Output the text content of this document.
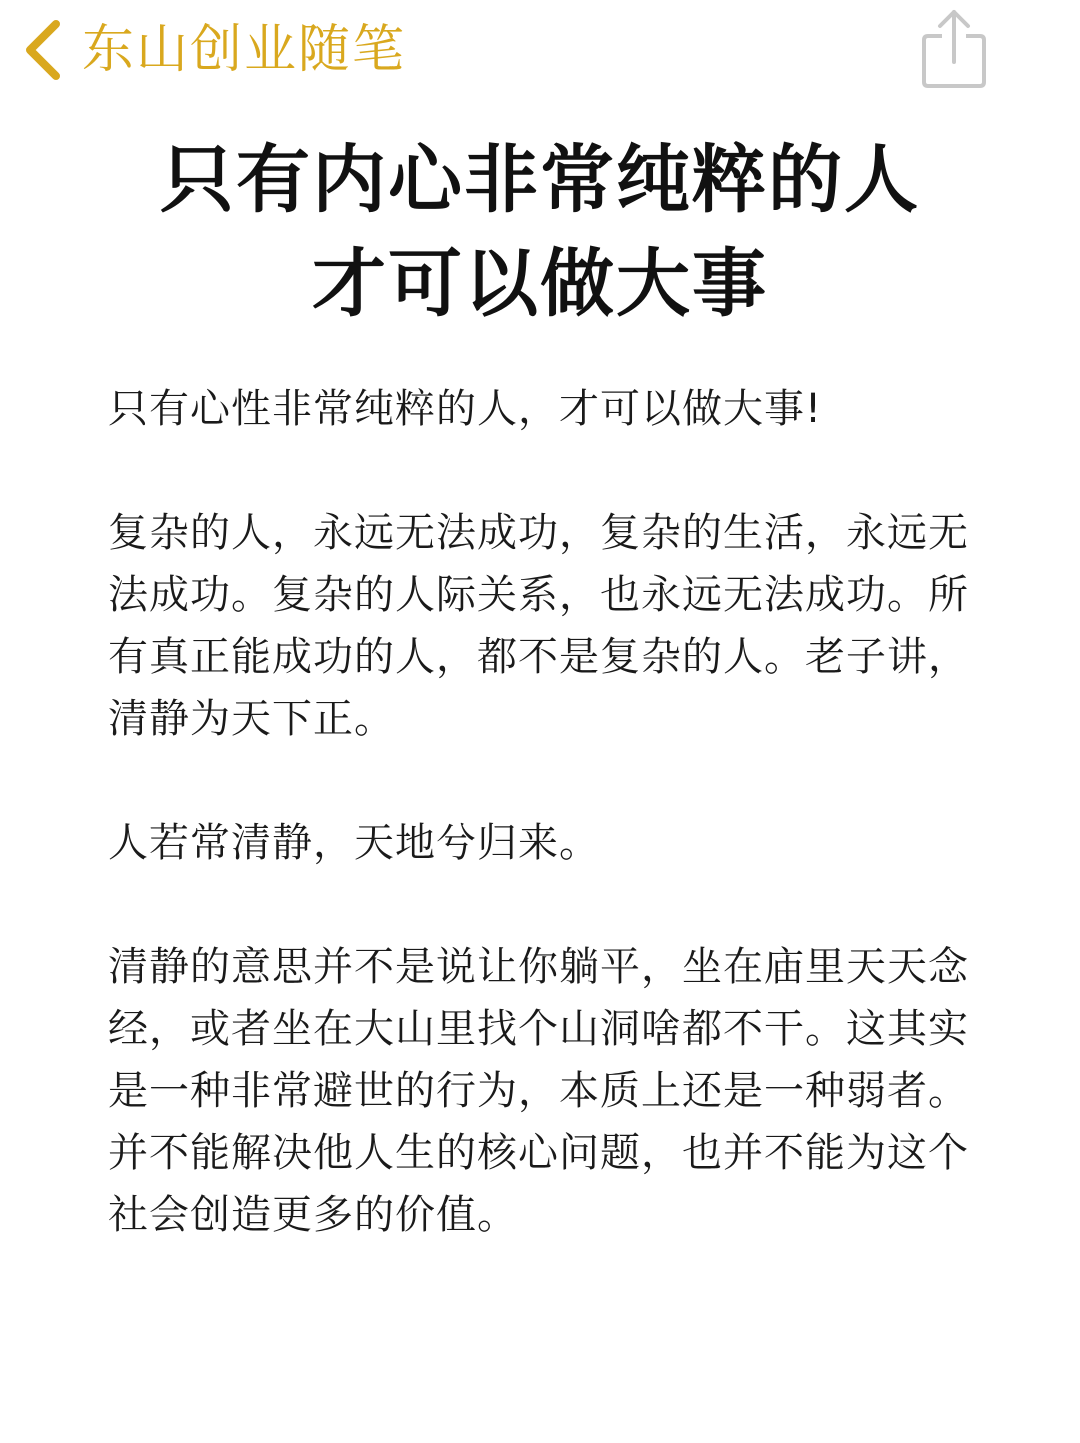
东山创业随笔
只有内心非常纯粹的人
才可以做大事

只有心性非常纯粹的人，才可以做大事!

复杂的人，永远无法成功，复杂的生活，永远无法成功。复杂的人际关系，也永远无法成功。所有真正能成功的人，都不是复杂的人。老子讲，清静为天下正。

人若常清静，天地兮归来。

清静的意思并不是说让你躺平，坐在庙里天天念经，或者坐在大山里找个山洞啥都不干。这其实是一种非常避世的行为，本质上还是一种弱者。并不能解决他人生的核心问题，也并不能为这个社会创造更多的价值。
